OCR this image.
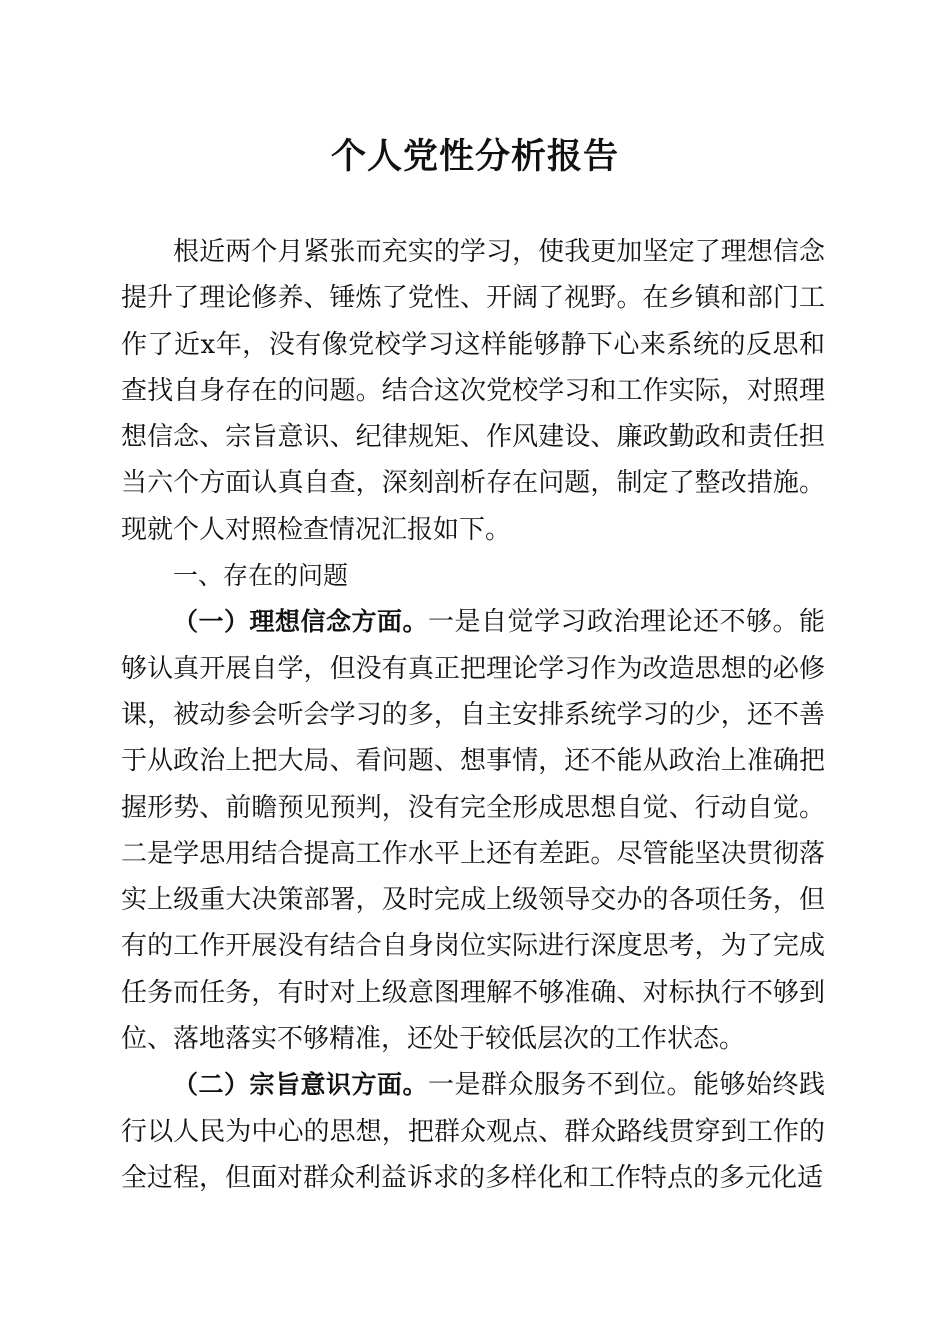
个人党性分析报告

根近两个月紧张而充实的学习，使我更加坚定了理想信念提升了理论修养、锤炼了党性、开阔了视野。在乡镇和部门工作了近x年，没有像党校学习这样能够静下心来系统的反思和查找自身存在的问题。结合这次党校学习和工作实际，对照理想信念、宗旨意识、纪律规矩、作风建设、廉政勤政和责任担当六个方面认真自查，深刻剖析存在问题，制定了整改措施。现就个人对照检查情况汇报如下。

一、存在的问题

（一）理想信念方面。一是自觉学习政治理论还不够。能够认真开展自学，但没有真正把理论学习作为改造思想的必修课，被动参会听会学习的多，自主安排系统学习的少，还不善于从政治上把大局、看问题、想事情，还不能从政治上准确把握形势、前瞻预见预判，没有完全形成思想自觉、行动自觉。二是学思用结合提高工作水平上还有差距。尽管能坚决贯彻落实上级重大决策部署，及时完成上级领导交办的各项任务，但有的工作开展没有结合自身岗位实际进行深度思考，为了完成任务而任务，有时对上级意图理解不够准确、对标执行不够到位、落地落实不够精准，还处于较低层次的工作状态。

（二）宗旨意识方面。一是群众服务不到位。能够始终践行以人民为中心的思想，把群众观点、群众路线贯穿到工作的全过程，但面对群众利益诉求的多样化和工作特点的多元化适
